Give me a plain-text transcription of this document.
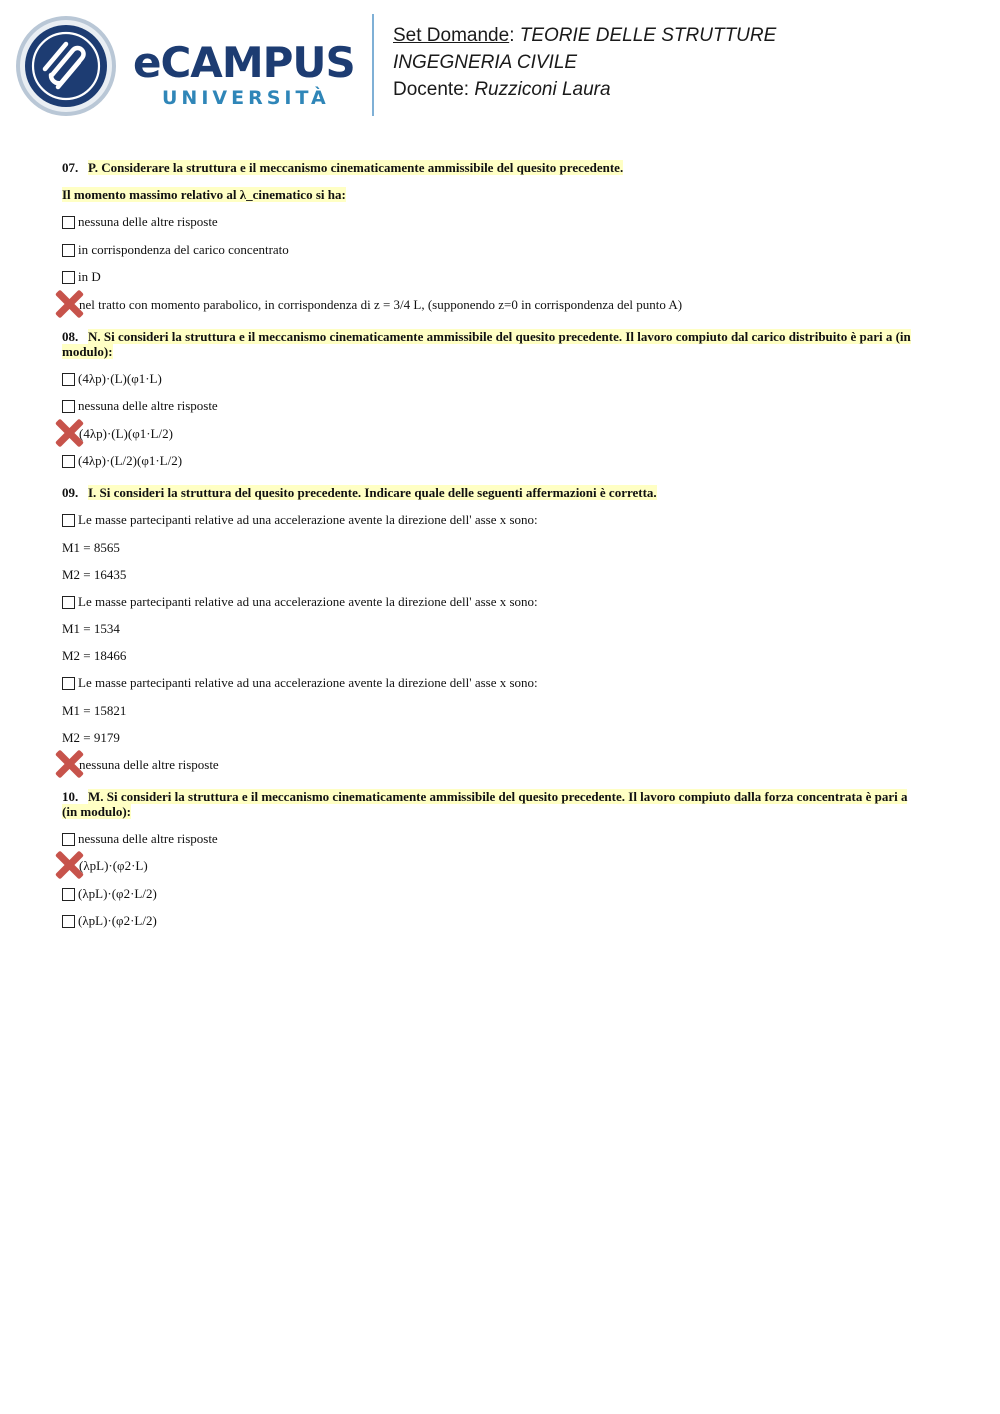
eCAMPUS
UNIVERSITÀ
Set Domande: TEORIE DELLE STRUTTURE
INGEGNERIA CIVILE
Docente: Ruzziconi Laura
07. P. Considerare la struttura e il meccanismo cinematicamente ammissibile del quesito precedente.
Il momento massimo relativo al λ_cinematico si ha:
nessuna delle altre risposte
in corrispondenza del carico concentrato
in D
nel tratto con momento parabolico, in corrispondenza di z = 3/4 L, (supponendo z=0 in corrispondenza del punto A)
08. N. Si consideri la struttura e il meccanismo cinematicamente ammissibile del quesito precedente. Il lavoro compiuto dal carico distribuito è pari a (in modulo):
(4λp)·(L)(φ1·L)
nessuna delle altre risposte
(4λp)·(L)(φ1·L/2)
(4λp)·(L/2)(φ1·L/2)
09. I. Si consideri la struttura del quesito precedente. Indicare quale delle seguenti affermazioni è corretta.
Le masse partecipanti relative ad una accelerazione avente la direzione dell' asse x sono:
M1 = 8565
M2 = 16435
Le masse partecipanti relative ad una accelerazione avente la direzione dell' asse x sono:
M1 = 1534
M2 = 18466
Le masse partecipanti relative ad una accelerazione avente la direzione dell' asse x sono:
M1 = 15821
M2 = 9179
nessuna delle altre risposte
10. M. Si consideri la struttura e il meccanismo cinematicamente ammissibile del quesito precedente. Il lavoro compiuto dalla forza concentrata è pari a (in modulo):
nessuna delle altre risposte
(λpL)·(φ2·L)
(λpL)·(φ2·L/2)
(λpL)·(φ2·L/2)
